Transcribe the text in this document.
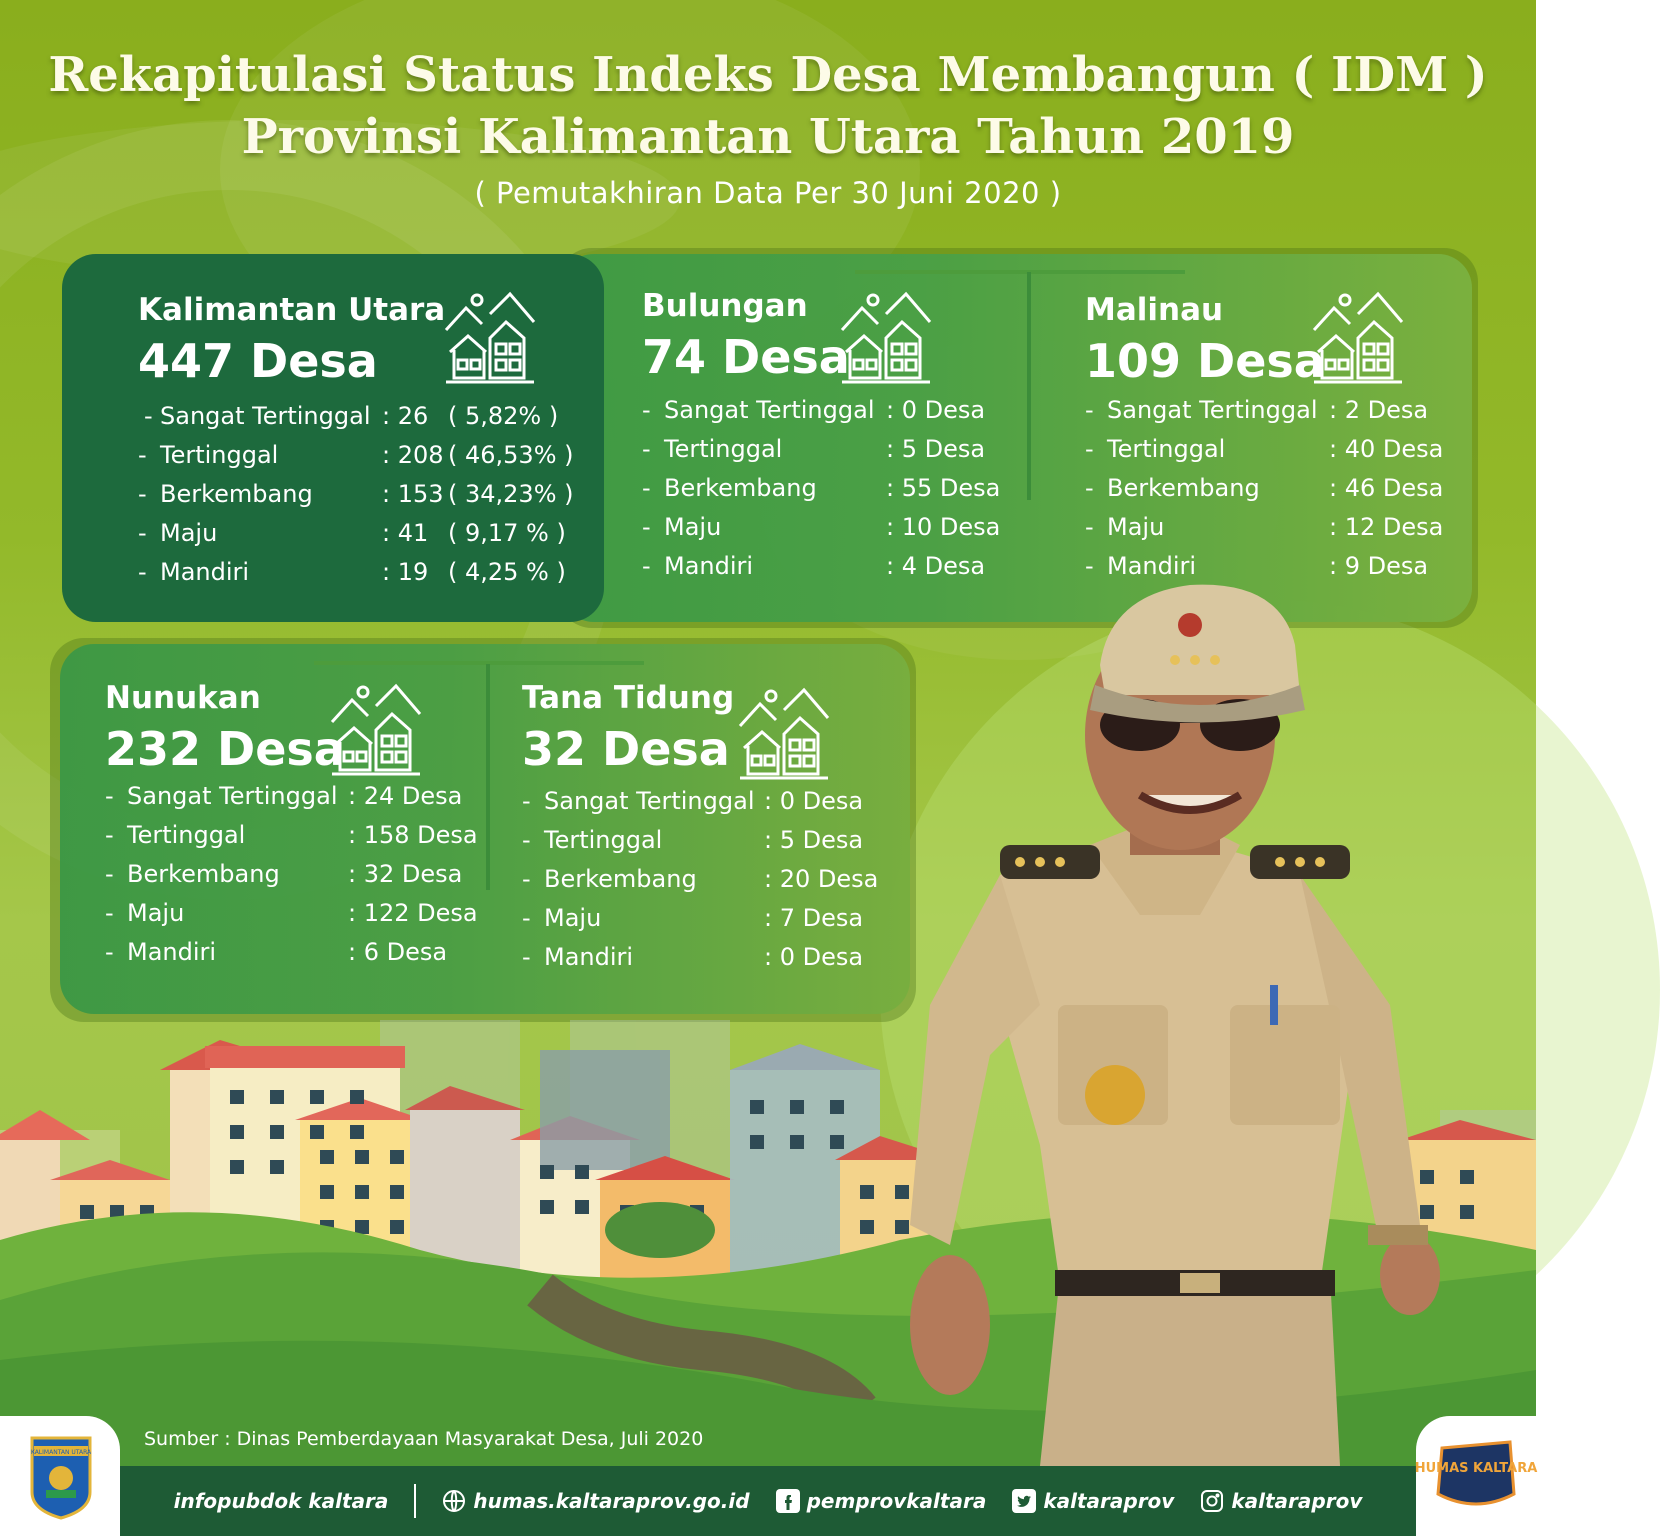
Rekapitulasi Status Indeks Desa Membangun ( IDM )
Provinsi Kalimantan Utara Tahun 2019
( Pemutakhiran Data Per 30 Juni 2020 )
Kalimantan Utara
447 Desa
- Sangat Tertinggal : 26 ( 5,82% )
- Tertinggal	: 208 ( 46,53% )
- Berkembang	: 153 ( 34,23% )
- Maju	: 41 ( 9,17 % )
- Mandiri	: 19 ( 4,25 % )
Bulungan
74 Desa
- Sangat Tertinggal : 0 Desa
- Tertinggal	: 5 Desa
- Berkembang	: 55 Desa
- Maju	: 10 Desa
- Mandiri	: 4 Desa
Malinau
109 Desa
- Sangat Tertinggal : 2 Desa
- Tertinggal	: 40 Desa
- Berkembang	: 46 Desa
- Maju	: 12 Desa
- Mandiri	: 9 Desa
Nunukan
232 Desa
- Sangat Tertinggal : 24 Desa
- Tertinggal	: 158 Desa
- Berkembang	: 32 Desa
- Maju	: 122 Desa
- Mandiri	: 6 Desa
Tana Tidung
32 Desa
- Sangat Tertinggal : 0 Desa
- Tertinggal	: 5 Desa
- Berkembang	: 20 Desa
- Maju	: 7 Desa
- Mandiri	: 0 Desa
Sumber : Dinas Pemberdayaan Masyarakat Desa, Juli 2020
infopubdok kaltara	humas.kaltaraprov.go.id	pemprovkaltara	kaltaraprov	kaltaraprov
KALIMANTAN UTARA
HUMAS KALTARA
